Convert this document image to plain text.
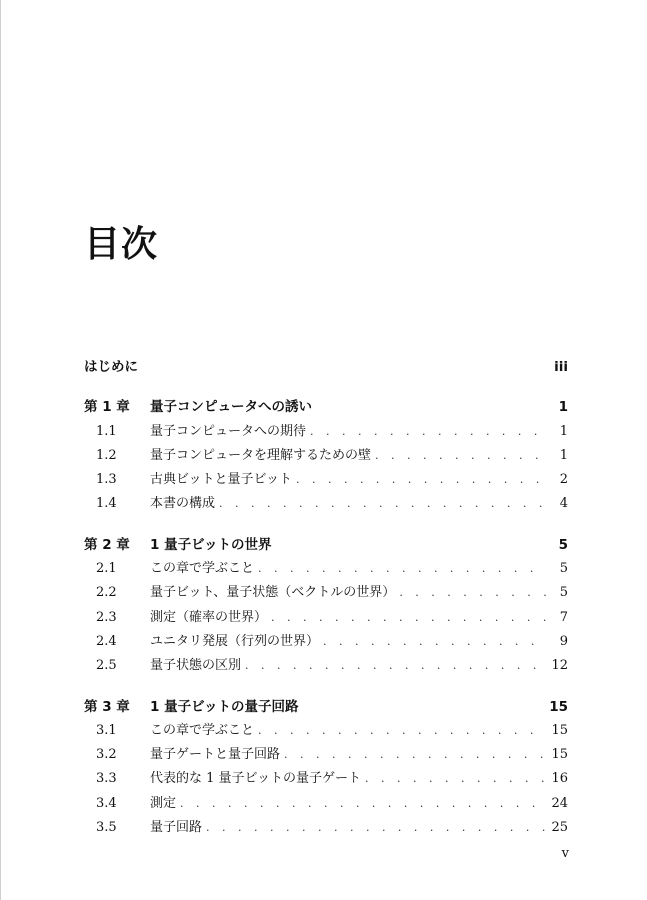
目次
はじめに	iii
第 1 章	量子コンピュータへの誘い	1
1.1	量子コンピュータへの期待 . . .	1
1.2	量子コンピュータを理解するための壁 . . .	1
1.3	古典ビットと量子ビット . . .	2
1.4	本書の構成 . . .	4
第 2 章	1 量子ビットの世界	5
2.1	この章で学ぶこと . . .	5
2.2	量子ビット、量子状態（ベクトルの世界） . . .	5
2.3	測定（確率の世界） . . .	7
2.4	ユニタリ発展（行列の世界） . . .	9
2.5	量子状態の区別 . . .	12
第 3 章	1 量子ビットの量子回路	15
3.1	この章で学ぶこと . . .	15
3.2	量子ゲートと量子回路 . . .	15
3.3	代表的な 1 量子ビットの量子ゲート . . .	16
3.4	測定 . . .	24
3.5	量子回路 . . .	25
v
